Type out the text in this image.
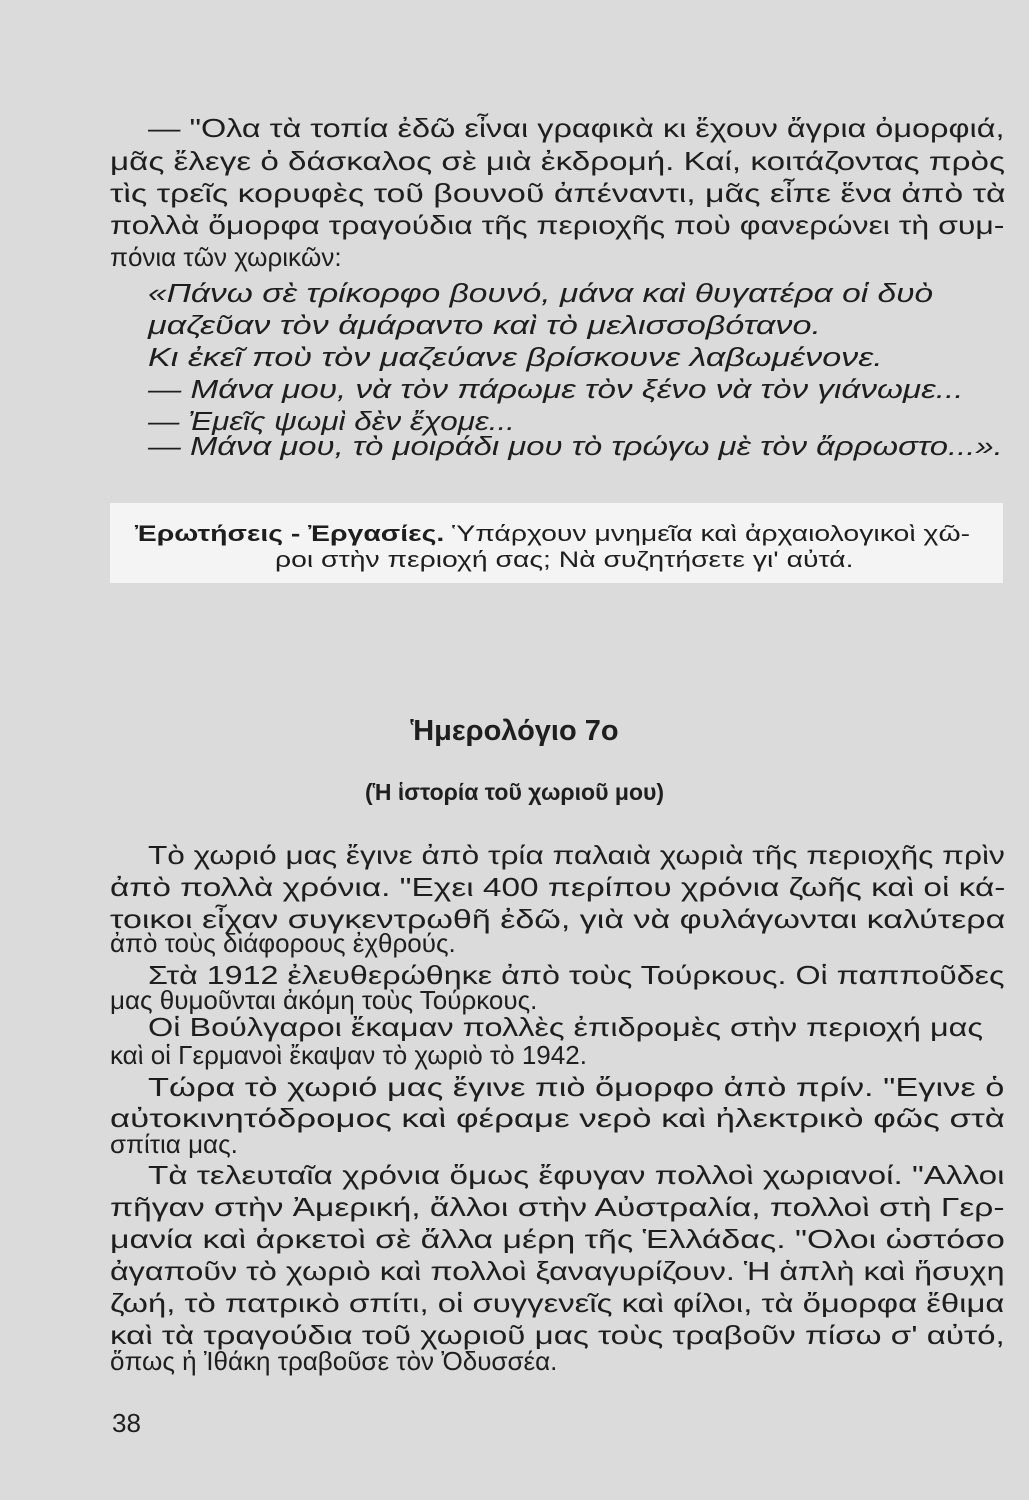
— "Ολα τὰ τοπία ἐδῶ εἶναι γραφικὰ κι ἔχουν ἄγρια ὀμορφιά,
μᾶς ἔλεγε ὁ δάσκαλος σὲ μιὰ ἐκδρομή. Καί, κοιτάζοντας πρὸς
τὶς τρεῖς κορυφὲς τοῦ βουνοῦ ἀπέναντι, μᾶς εἶπε ἕνα ἀπὸ τὰ
πολλὰ ὄμορφα τραγούδια τῆς περιοχῆς ποὺ φανερώνει τὴ συμ-
πόνια τῶν χωρικῶν:
«Πάνω σὲ τρίκορφο βουνό, μάνα καὶ θυγατέρα οἱ δυὸ
μαζεῦαν τὸν ἀμάραντο καὶ τὸ μελισσοβότανο.
Κι ἐκεῖ ποὺ τὸν μαζεύανε βρίσκουνε λαβωμένονε.
— Μάνα μου, νὰ τὸν πάρωμε τὸν ξένο νὰ τὸν γιάνωμε...
— Ἐμεῖς ψωμὶ δὲν ἔχομε...
— Μάνα μου, τὸ μοιράδι μου τὸ τρώγω μὲ τὸν ἄρρωστο...».
Ἐρωτήσεις - Ἐργασίες. Ὑπάρχουν μνημεῖα καὶ ἀρχαιολογικοὶ χῶ-
ροι στὴν περιοχή σας; Νὰ συζητήσετε γι' αὐτά.
Ἡμερολόγιο 7ο
(Ἡ ἱστορία τοῦ χωριοῦ μου)
Τὸ χωριό μας ἔγινε ἀπὸ τρία παλαιὰ χωριὰ τῆς περιοχῆς πρὶν
ἀπὸ πολλὰ χρόνια. "Εχει 400 περίπου χρόνια ζωῆς καὶ οἱ κά-
τοικοι εἶχαν συγκεντρωθῆ ἐδῶ, γιὰ νὰ φυλάγωνται καλύτερα
ἀπὸ τοὺς διάφορους ἐχθρούς.
Στὰ 1912 ἐλευθερώθηκε ἀπὸ τοὺς Τούρκους. Οἱ παπποῦδες
μας θυμοῦνται ἀκόμη τοὺς Τούρκους.
Οἱ Βούλγαροι ἔκαμαν πολλὲς ἐπιδρομὲς στὴν περιοχή μας
καὶ οἱ Γερμανοὶ ἔκαψαν τὸ χωριὸ τὸ 1942.
Τώρα τὸ χωριό μας ἔγινε πιὸ ὄμορφο ἀπὸ πρίν. "Εγινε ὁ
αὐτοκινητόδρομος καὶ φέραμε νερὸ καὶ ἠλεκτρικὸ φῶς στὰ
σπίτια μας.
Τὰ τελευταῖα χρόνια ὅμως ἔφυγαν πολλοὶ χωριανοί. "Αλλοι
πῆγαν στὴν Ἀμερική, ἄλλοι στὴν Αὐστραλία, πολλοὶ στὴ Γερ-
μανία καὶ ἀρκετοὶ σὲ ἄλλα μέρη τῆς Ἑλλάδας. "Ολοι ὡστόσο
ἀγαποῦν τὸ χωριὸ καὶ πολλοὶ ξαναγυρίζουν. Ἡ ἁπλὴ καὶ ἥσυχη
ζωή, τὸ πατρικὸ σπίτι, οἱ συγγενεῖς καὶ φίλοι, τὰ ὄμορφα ἔθιμα
καὶ τὰ τραγούδια τοῦ χωριοῦ μας τοὺς τραβοῦν πίσω σ' αὐτό,
ὅπως ἡ Ἰθάκη τραβοῦσε τὸν Ὀδυσσέα.
38
